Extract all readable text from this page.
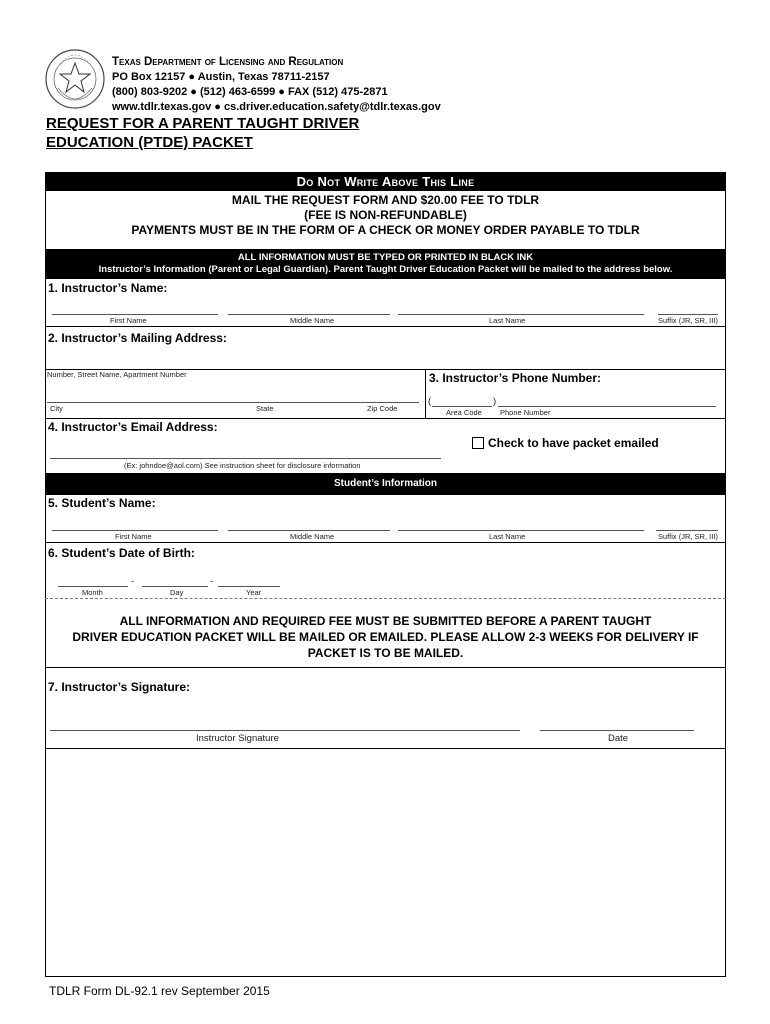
Texas Department of Licensing and Regulation
PO Box 12157 ● Austin, Texas 78711-2157
(800) 803-9202 ● (512) 463-6599 ● FAX (512) 475-2871
www.tdlr.texas.gov ● cs.driver.education.safety@tdlr.texas.gov
REQUEST FOR A PARENT TAUGHT DRIVER
EDUCATION (PTDE) PACKET
Do Not Write Above This Line
MAIL THE REQUEST FORM AND $20.00 FEE TO TDLR
(FEE IS NON-REFUNDABLE)
PAYMENTS MUST BE IN THE FORM OF A CHECK OR MONEY ORDER PAYABLE TO TDLR
ALL INFORMATION MUST BE TYPED OR PRINTED IN BLACK INK
Instructor’s Information (Parent or Legal Guardian). Parent Taught Driver Education Packet will be mailed to the address below.
1. Instructor’s Name:
First Name	Middle Name	Last Name	Suffix (JR, SR, III)
2. Instructor’s Mailing Address:
Number, Street Name, Apartment Number
City	State	Zip Code
3. Instructor’s Phone Number:
(	)
Area Code Phone Number
4. Instructor’s Email Address:
Check to have packet emailed
(Ex: johndoe@aol.com) See instruction sheet for disclosure information
Student’s Information
5. Student’s Name:
First Name	Middle Name	Last Name	Suffix (JR, SR, III)
6. Student’s Date of Birth:
-	-
Month	Day	Year
ALL INFORMATION AND REQUIRED FEE MUST BE SUBMITTED BEFORE A PARENT TAUGHT
DRIVER EDUCATION PACKET WILL BE MAILED OR EMAILED. PLEASE ALLOW 2-3 WEEKS FOR DELIVERY IF
PACKET IS TO BE MAILED.
7. Instructor’s Signature:
Instructor Signature	Date
TDLR Form DL-92.1 rev September 2015
